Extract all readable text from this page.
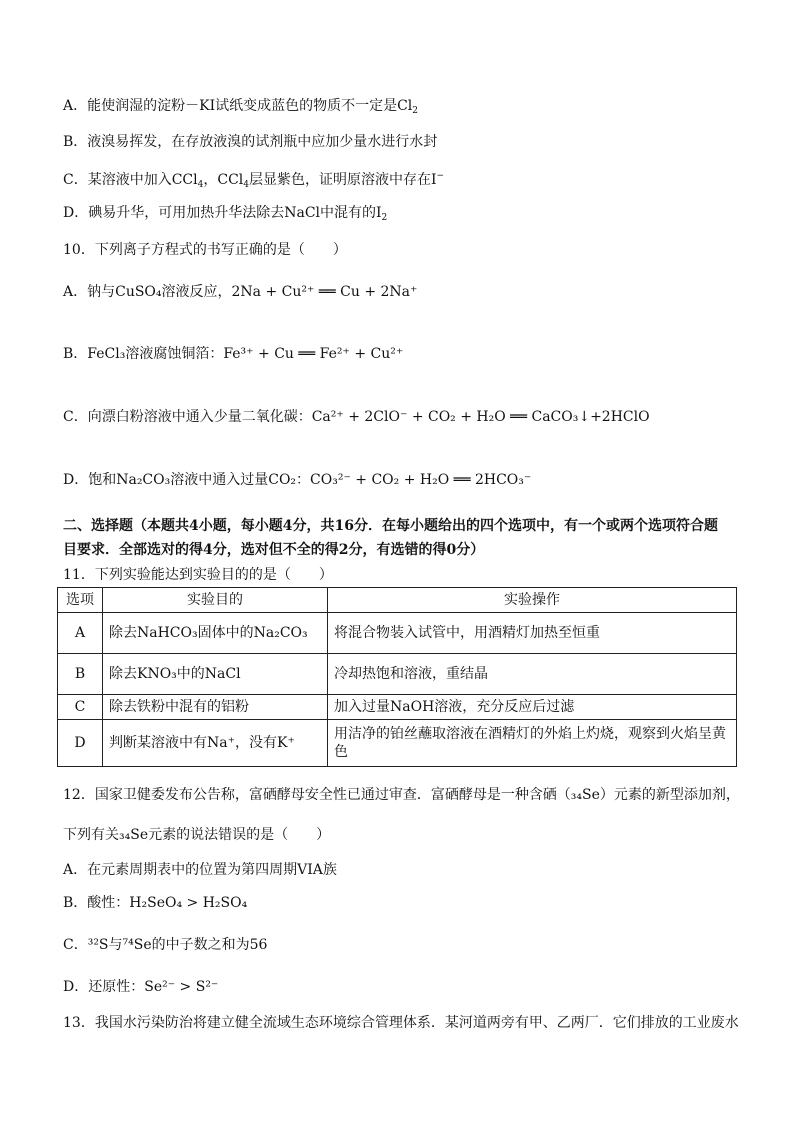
A．能使润湿的淀粉－KI试纸变成蓝色的物质不一定是$Cl_2$
B．液溴易挥发，在存放液溴的试剂瓶中应加少量水进行水封
C．某溶液中加入CCl$_4$，CCl$_4$层显紫色，证明原溶液中存在I−
D．碘易升华，可用加热升华法除去NaCl中混有的$I_2$
10．下列离子方程式的书写正确的是（　　）
A．钠与CuSO₄溶液反应，2Na + Cu²⁺ ══ Cu + 2Na⁺
B．FeCl₃溶液腐蚀铜箔：Fe³⁺ + Cu ══ Fe²⁺ + Cu²⁺
C．向漂白粉溶液中通入少量二氧化碳：Ca²⁺ + 2ClO⁻ + CO₂ + H₂O ══ CaCO₃↓+2HClO
D．饱和Na₂CO₃溶液中通入过量CO₂：CO₃²⁻ + CO₂ + H₂O ══ 2HCO₃⁻
二、选择题（本题共4小题，每小题4分，共16分．在每小题给出的四个选项中，有一个或两个选项符合题
目要求．全部选对的得4分，选对但不全的得2分，有选错的得0分）
11．下列实验能达到实验目的的是（　　）
选项	实验目的	实验操作
A	除去NaHCO₃固体中的Na₂CO₃	将混合物装入试管中，用酒精灯加热至恒重
B	除去KNO₃中的NaCl	冷却热饱和溶液，重结晶
C	除去铁粉中混有的铝粉	加入过量NaOH溶液，充分反应后过滤
D	判断某溶液中有Na⁺，没有K⁺	用洁净的铂丝蘸取溶液在酒精灯的外焰上灼烧，观察到火焰呈黄色
12．国家卫健委发布公告称，富硒酵母安全性已通过审查．富硒酵母是一种含硒（₃₄Se）元素的新型添加剂，
下列有关₃₄Se元素的说法错误的是（　　）
A．在元素周期表中的位置为第四周期VIA族
B．酸性：H₂SeO₄ > H₂SO₄
C．³²S与⁷⁴Se的中子数之和为56
D．还原性：Se²⁻ > S²⁻
13．我国水污染防治将建立健全流域生态环境综合管理体系．某河道两旁有甲、乙两厂．它们排放的工业废水
